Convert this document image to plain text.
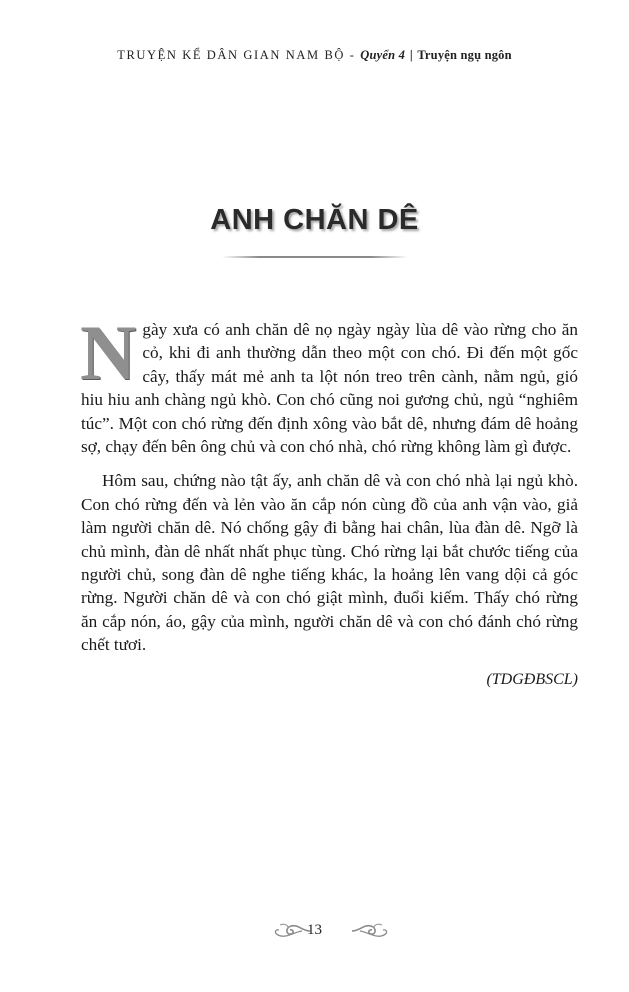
TRUYỆN KỂ DÂN GIAN NAM BỘ - Quyển 4 | Truyện ngụ ngôn
ANH CHĂN DÊ

Ngày xưa có anh chăn dê nọ ngày ngày lùa dê vào rừng cho ăn cỏ, khi đi anh thường dẫn theo một con chó. Đi đến một gốc cây, thấy mát mẻ anh ta lột nón treo trên cành, nằm ngủ, gió hiu hiu anh chàng ngủ khò. Con chó cũng noi gương chủ, ngủ “nghiêm túc”. Một con chó rừng đến định xông vào bắt dê, nhưng đám dê hoảng sợ, chạy đến bên ông chủ và con chó nhà, chó rừng không làm gì được.

Hôm sau, chứng nào tật ấy, anh chăn dê và con chó nhà lại ngủ khò. Con chó rừng đến và lẻn vào ăn cắp nón cùng đồ của anh vận vào, giả làm người chăn dê. Nó chống gậy đi bằng hai chân, lùa đàn dê. Ngỡ là chủ mình, đàn dê nhất nhất phục tùng. Chó rừng lại bắt chước tiếng của người chủ, song đàn dê nghe tiếng khác, la hoảng lên vang dội cả góc rừng. Người chăn dê và con chó giật mình, đuổi kiếm. Thấy chó rừng ăn cắp nón, áo, gậy của mình, người chăn dê và con chó đánh chó rừng chết tươi.

(TDGĐBSCL)
13
